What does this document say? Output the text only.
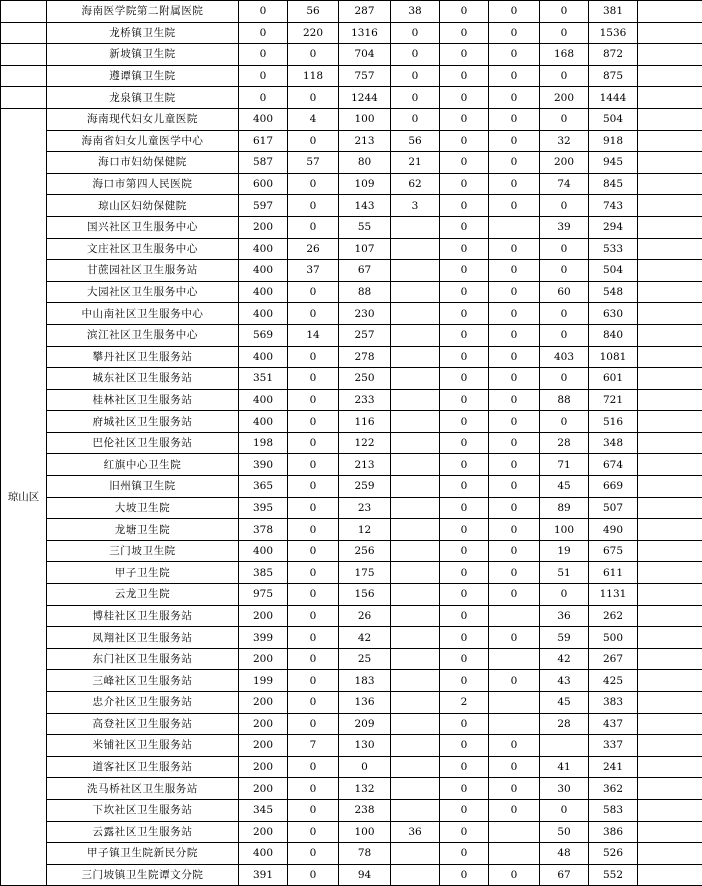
	海南医学院第二附属医院	0	56	287	38	0	0	0	381	
	龙桥镇卫生院	0	220	1316	0	0	0	0	1536	
	新坡镇卫生院	0	0	704	0	0	0	168	872	
	遵谭镇卫生院	0	118	757	0	0	0	0	875	
	龙泉镇卫生院	0	0	1244	0	0	0	200	1444	
琼山区	海南现代妇女儿童医院	400	4	100	0	0	0	0	504	
	海南省妇女儿童医学中心	617	0	213	56	0	0	32	918	
	海口市妇幼保健院	587	57	80	21	0	0	200	945	
	海口市第四人民医院	600	0	109	62	0	0	74	845	
	琼山区妇幼保健院	597	0	143	3	0	0	0	743	
	国兴社区卫生服务中心	200	0	55		0		39	294	
	文庄社区卫生服务中心	400	26	107		0	0	0	533	
	甘蔗园社区卫生服务站	400	37	67		0	0	0	504	
	大园社区卫生服务中心	400	0	88		0	0	60	548	
	中山南社区卫生服务中心	400	0	230		0	0	0	630	
	滨江社区卫生服务中心	569	14	257		0	0	0	840	
	攀丹社区卫生服务站	400	0	278		0	0	403	1081	
	城东社区卫生服务站	351	0	250		0	0	0	601	
	桂林社区卫生服务站	400	0	233		0	0	88	721	
	府城社区卫生服务站	400	0	116		0	0	0	516	
	巴伦社区卫生服务站	198	0	122		0	0	28	348	
	红旗中心卫生院	390	0	213		0	0	71	674	
	旧州镇卫生院	365	0	259		0	0	45	669	
	大坡卫生院	395	0	23		0	0	89	507	
	龙塘卫生院	378	0	12		0	0	100	490	
	三门坡卫生院	400	0	256		0	0	19	675	
	甲子卫生院	385	0	175		0	0	51	611	
	云龙卫生院	975	0	156		0	0	0	1131	
	博桂社区卫生服务站	200	0	26		0		36	262	
	凤翔社区卫生服务站	399	0	42		0	0	59	500	
	东门社区卫生服务站	200	0	25		0		42	267	
	三峰社区卫生服务站	199	0	183		0	0	43	425	
	忠介社区卫生服务站	200	0	136		2		45	383	
	高登社区卫生服务站	200	0	209		0		28	437	
	米铺社区卫生服务站	200	7	130		0	0		337	
	道客社区卫生服务站	200	0	0		0	0	41	241	
	洗马桥社区卫生服务站	200	0	132		0	0	30	362	
	下坎社区卫生服务站	345	0	238		0	0	0	583	
	云露社区卫生服务站	200	0	100	36	0		50	386	
	甲子镇卫生院新民分院	400	0	78		0		48	526	
	三门坡镇卫生院谭文分院	391	0	94		0	0	67	552	
